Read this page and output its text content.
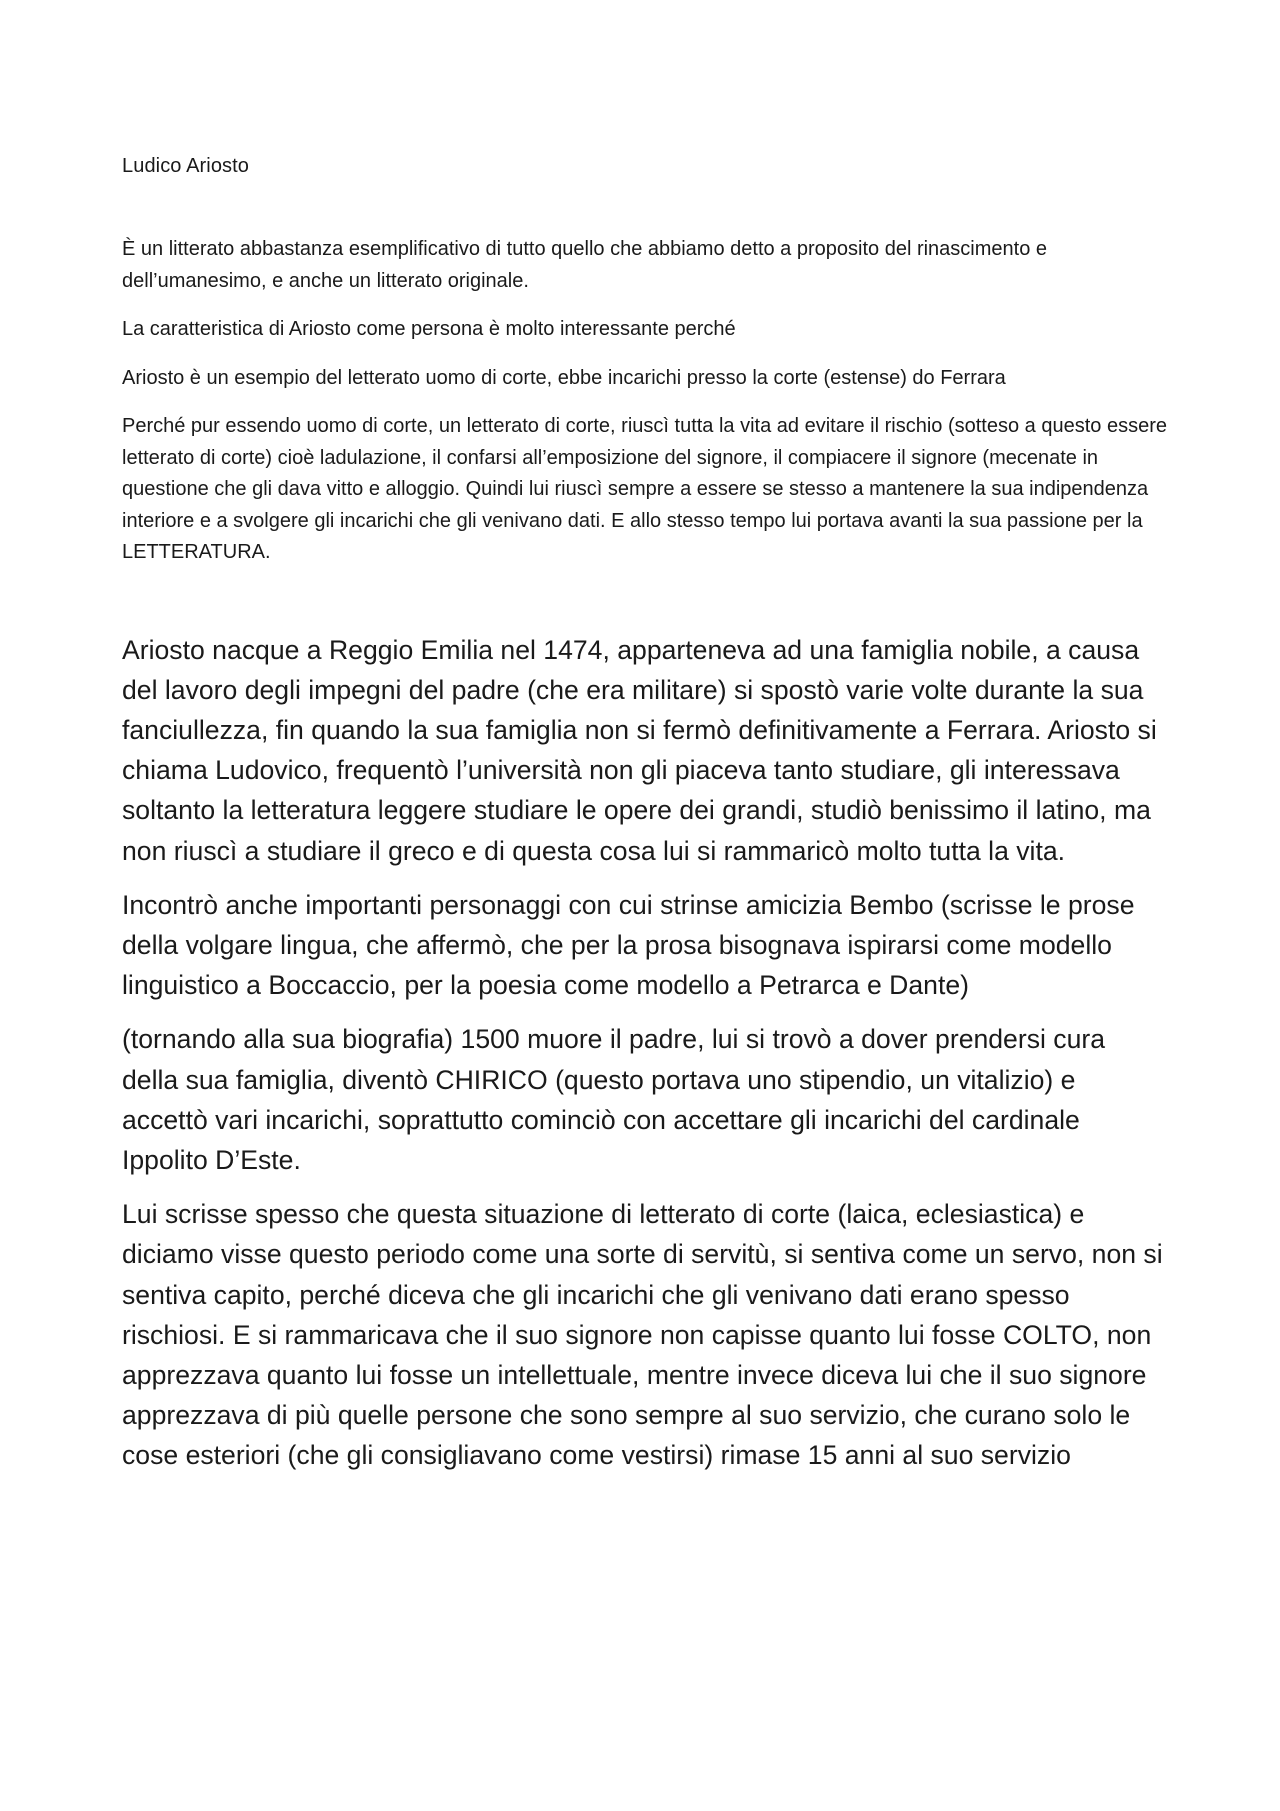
Ludico Ariosto

È un litterato abbastanza esemplificativo di tutto quello che abbiamo detto a proposito del rinascimento e dell’umanesimo, e anche un litterato originale.

La caratteristica di Ariosto come persona è molto interessante perché

Ariosto è un esempio del letterato uomo di corte, ebbe incarichi presso la corte (estense) do Ferrara

Perché pur essendo uomo di corte, un letterato di corte, riuscì tutta la vita ad evitare il rischio (sotteso a questo essere letterato di corte) cioè ladulazione, il confarsi all’emposizione del signore, il compiacere il signore (mecenate in questione che gli dava vitto e alloggio. Quindi lui riuscì sempre a essere se stesso a mantenere la sua indipendenza interiore e a svolgere gli incarichi che gli venivano dati. E allo stesso tempo lui portava avanti la sua passione per la LETTERATURA.

Ariosto nacque a Reggio Emilia nel 1474, apparteneva ad una famiglia nobile, a causa del lavoro degli impegni del padre (che era militare) si spostò varie volte durante la sua fanciullezza, fin quando la sua famiglia non si fermò definitivamente a Ferrara. Ariosto si chiama Ludovico, frequentò l’università non gli piaceva tanto studiare, gli interessava soltanto la letteratura leggere studiare le opere dei grandi, studiò benissimo il latino, ma non riuscì a studiare il greco e di questa cosa lui si rammaricò molto tutta la vita.

Incontrò anche importanti personaggi con cui strinse amicizia Bembo (scrisse le prose della volgare lingua, che affermò, che per la prosa bisognava ispirarsi come modello linguistico a Boccaccio, per la poesia come modello a Petrarca e Dante)

(tornando alla sua biografia) 1500 muore il padre, lui si trovò a dover prendersi cura della sua famiglia, diventò CHIRICO (questo portava uno stipendio, un vitalizio) e accettò vari incarichi, soprattutto cominciò con accettare gli incarichi del cardinale Ippolito D’Este.

Lui scrisse spesso che questa situazione di letterato di corte (laica, eclesiastica) e diciamo visse questo periodo come una sorte di servitù, si sentiva come un servo, non si sentiva capito, perché diceva che gli incarichi che gli venivano dati erano spesso rischiosi. E si rammaricava che il suo signore non capisse quanto lui fosse COLTO, non apprezzava quanto lui fosse un intellettuale, mentre invece diceva lui che il suo signore apprezzava di più quelle persone che sono sempre al suo servizio, che curano solo le cose esteriori (che gli consigliavano come vestirsi) rimase 15 anni al suo servizio
